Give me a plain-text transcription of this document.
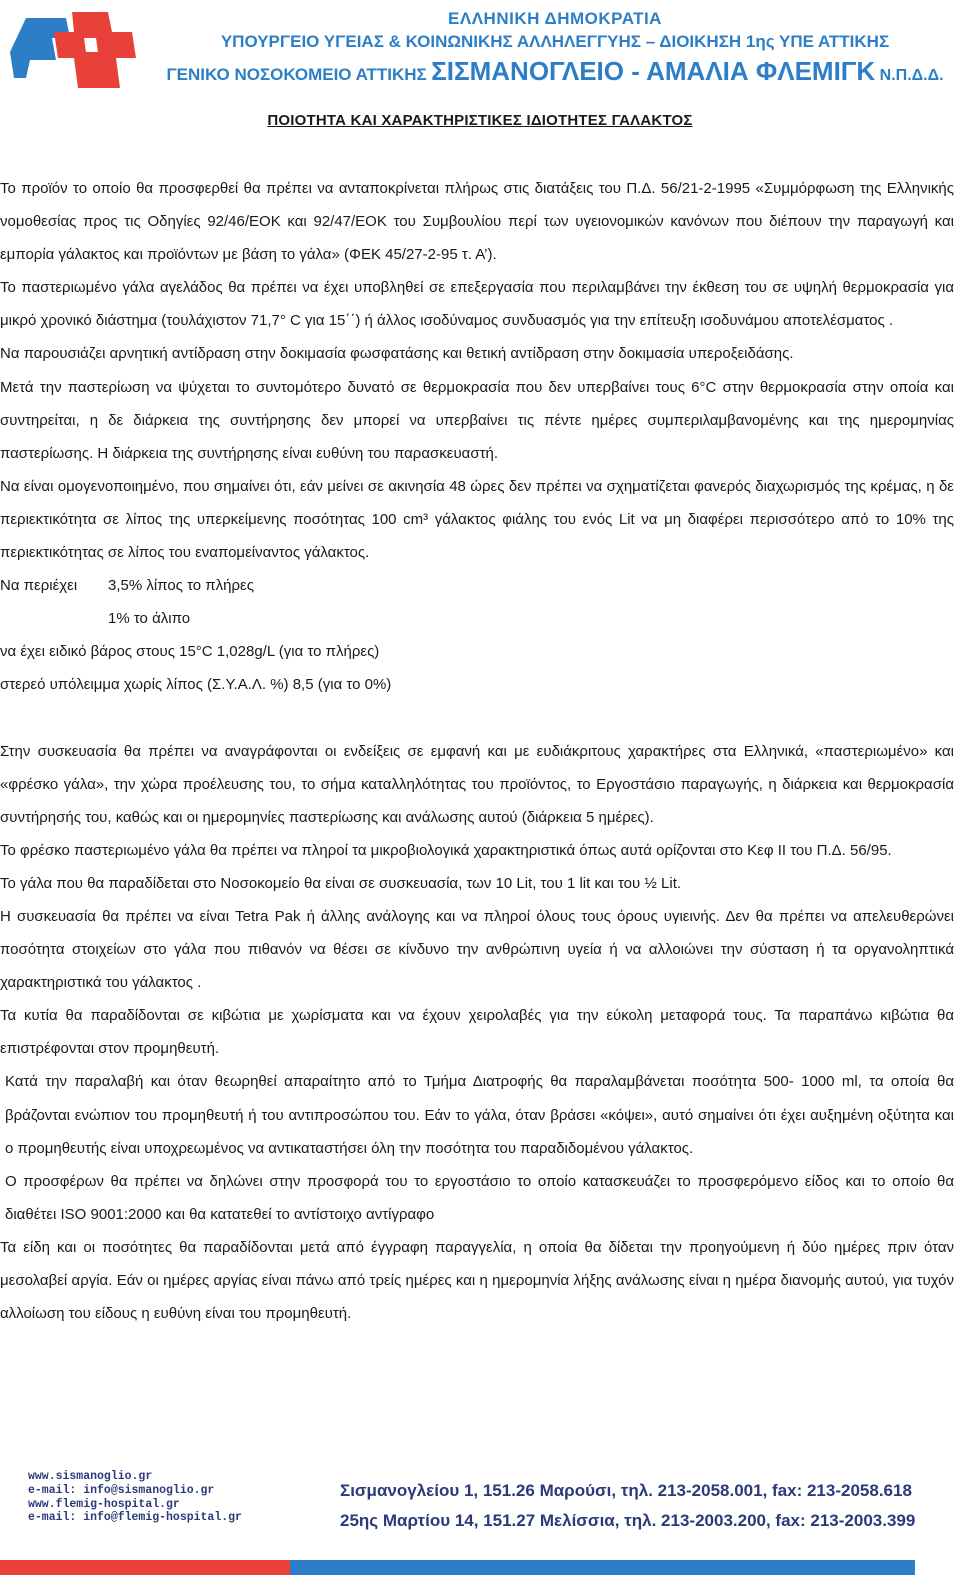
ΕΛΛΗΝΙΚΗ ΔΗΜΟΚΡΑΤΙΑ
ΥΠΟΥΡΓΕΙΟ ΥΓΕΙΑΣ & ΚΟΙΝΩΝΙΚΗΣ ΑΛΛΗΛΕΓΓΥΗΣ – ΔΙΟΙΚΗΣΗ 1ης ΥΠΕ ΑΤΤΙΚΗΣ
ΓΕΝΙΚΟ ΝΟΣΟΚΟΜΕΙΟ ΑΤΤΙΚΗΣ ΣΙΣΜΑΝΟΓΛΕΙΟ - ΑΜΑΛΙΑ ΦΛΕΜΙΓΚ Ν.Π.Δ.Δ.
ΠΟΙΟΤΗΤΑ ΚΑΙ ΧΑΡΑΚΤΗΡΙΣΤΙΚΕΣ ΙΔΙΟΤΗΤΕΣ ΓΑΛΑΚΤΟΣ

Το προϊόν το οποίο θα προσφερθεί θα πρέπει να ανταποκρίνεται πλήρως στις διατάξεις του Π.Δ. 56/21-2-1995 «Συμμόρφωση της Ελληνικής νομοθεσίας προς τις Οδηγίες 92/46/ΕΟΚ και 92/47/ΕΟΚ του Συμβουλίου περί των υγειονομικών κανόνων που διέπουν την παραγωγή και εμπορία γάλακτος και προϊόντων με βάση το γάλα» (ΦΕΚ 45/27-2-95 τ. Α’).

Το παστεριωμένο γάλα αγελάδος θα πρέπει να έχει υποβληθεί σε επεξεργασία που περιλαμβάνει την έκθεση του σε υψηλή θερμοκρασία για μικρό χρονικό διάστημα (τουλάχιστον 71,7° C για 15΄΄) ή άλλος ισοδύναμος συνδυασμός για την επίτευξη ισοδυνάμου αποτελέσματος .

Να παρουσιάζει αρνητική αντίδραση στην δοκιμασία φωσφατάσης και θετική αντίδραση στην δοκιμασία υπεροξειδάσης.

Μετά την παστερίωση να ψύχεται το συντομότερο δυνατό σε θερμοκρασία που δεν υπερβαίνει τους 6°C στην θερμοκρασία στην οποία και συντηρείται, η δε διάρκεια της συντήρησης δεν μπορεί να υπερβαίνει τις πέντε ημέρες συμπεριλαμβανομένης και της ημερομηνίας παστερίωσης. Η διάρκεια της συντήρησης είναι ευθύνη του παρασκευαστή.

Να είναι ομογενοποιημένο, που σημαίνει ότι, εάν μείνει σε ακινησία 48 ώρες δεν πρέπει να σχηματίζεται φανερός διαχωρισμός της κρέμας, η δε περιεκτικότητα σε λίπος της υπερκείμενης ποσότητας 100 cm³ γάλακτος φιάλης του ενός Lit να μη διαφέρει περισσότερο από το 10% της περιεκτικότητας σε λίπος του εναπομείναντος γάλακτος.

Να περιέχει	3,5% λίπος το πλήρες
1% το άλιπο

να έχει ειδικό βάρος στους 15°C 1,028g/L (για το πλήρες)

στερεό υπόλειμμα χωρίς λίπος (Σ.Υ.Α.Λ. %) 8,5 (για το 0%)

Στην συσκευασία θα πρέπει να αναγράφονται οι ενδείξεις σε εμφανή και με ευδιάκριτους χαρακτήρες στα Ελληνικά, «παστεριωμένο» και «φρέσκο γάλα», την χώρα προέλευσης του, το σήμα καταλληλότητας του προϊόντος, το Εργοστάσιο παραγωγής, η διάρκεια και θερμοκρασία συντήρησής του, καθώς και οι ημερομηνίες παστερίωσης και ανάλωσης αυτού (διάρκεια 5 ημέρες).

Το φρέσκο παστεριωμένο γάλα θα πρέπει να πληροί τα μικροβιολογικά χαρακτηριστικά όπως αυτά ορίζονται στο Κεφ ΙΙ του Π.Δ. 56/95.

Το γάλα που θα παραδίδεται στο Νοσοκομείο θα είναι σε συσκευασία, των 10 Lit, του 1 lit και του ½ Lit.

Η συσκευασία θα πρέπει να είναι Tetra Pak ή άλλης ανάλογης και να πληροί όλους τους όρους υγιεινής. Δεν θα πρέπει να απελευθερώνει ποσότητα στοιχείων στο γάλα που πιθανόν να θέσει σε κίνδυνο την ανθρώπινη υγεία ή να αλλοιώνει την σύσταση ή τα οργανοληπτικά χαρακτηριστικά του γάλακτος .

Τα κυτία θα παραδίδονται σε κιβώτια με χωρίσματα και να έχουν χειρολαβές για την εύκολη μεταφορά τους. Τα παραπάνω κιβώτια θα επιστρέφονται στον προμηθευτή.

Κατά την παραλαβή και όταν θεωρηθεί απαραίτητο από το Τμήμα Διατροφής θα παραλαμβάνεται ποσότητα 500- 1000 ml, τα οποία θα βράζονται ενώπιον του προμηθευτή ή του αντιπροσώπου του. Εάν το γάλα, όταν βράσει «κόψει», αυτό σημαίνει ότι έχει αυξημένη οξύτητα και ο προμηθευτής είναι υποχρεωμένος να αντικαταστήσει όλη την ποσότητα του παραδιδομένου γάλακτος.

Ο προσφέρων θα πρέπει να δηλώνει στην προσφορά του το εργοστάσιο το οποίο κατασκευάζει το προσφερόμενο είδος και το οποίο θα διαθέτει ISO 9001:2000 και θα κατατεθεί το αντίστοιχο αντίγραφο

Τα είδη και οι ποσότητες θα παραδίδονται μετά από έγγραφη παραγγελία, η οποία θα δίδεται την προηγούμενη ή δύο ημέρες πριν όταν μεσολαβεί αργία. Εάν οι ημέρες αργίας είναι πάνω από τρείς ημέρες και η ημερομηνία λήξης ανάλωσης είναι η ημέρα διανομής αυτού, για τυχόν αλλοίωση του είδους η ευθύνη είναι του προμηθευτή.

www.sismanoglio.gr
e-mail: info@sismanoglio.gr
www.flemig-hospital.gr
e-mail: info@flemig-hospital.gr
Σισμανογλείου 1, 151.26 Μαρούσι, τηλ. 213-2058.001, fax: 213-2058.618
25ης Μαρτίου 14, 151.27 Μελίσσια, τηλ. 213-2003.200, fax: 213-2003.399
